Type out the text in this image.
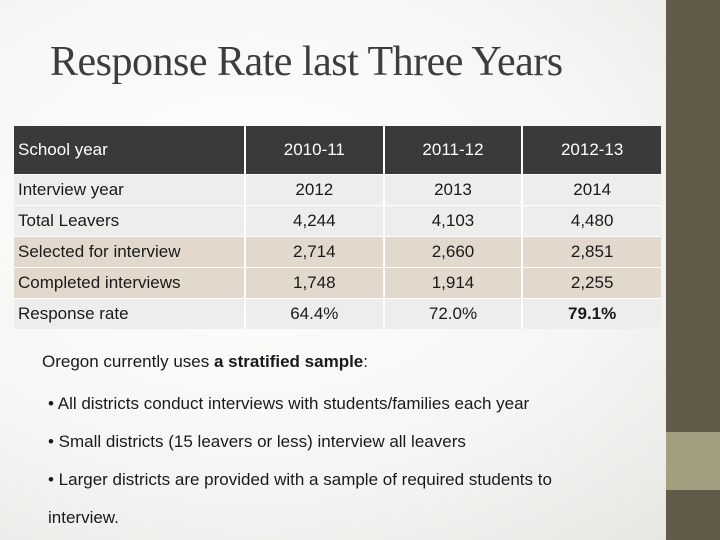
Response Rate last Three Years
School year	2010-11	2011-12	2012-13
Interview year	2012	2013	2014
Total Leavers	4,244	4,103	4,480
Selected for interview	2,714	2,660	2,851
Completed interviews	1,748	1,914	2,255
Response rate	64.4%	72.0%	79.1%
Oregon currently uses a stratified sample:
• All districts conduct interviews with students/families each year
• Small districts (15 leavers or less) interview all leavers
• Larger districts are provided with a sample of required students to
interview.
